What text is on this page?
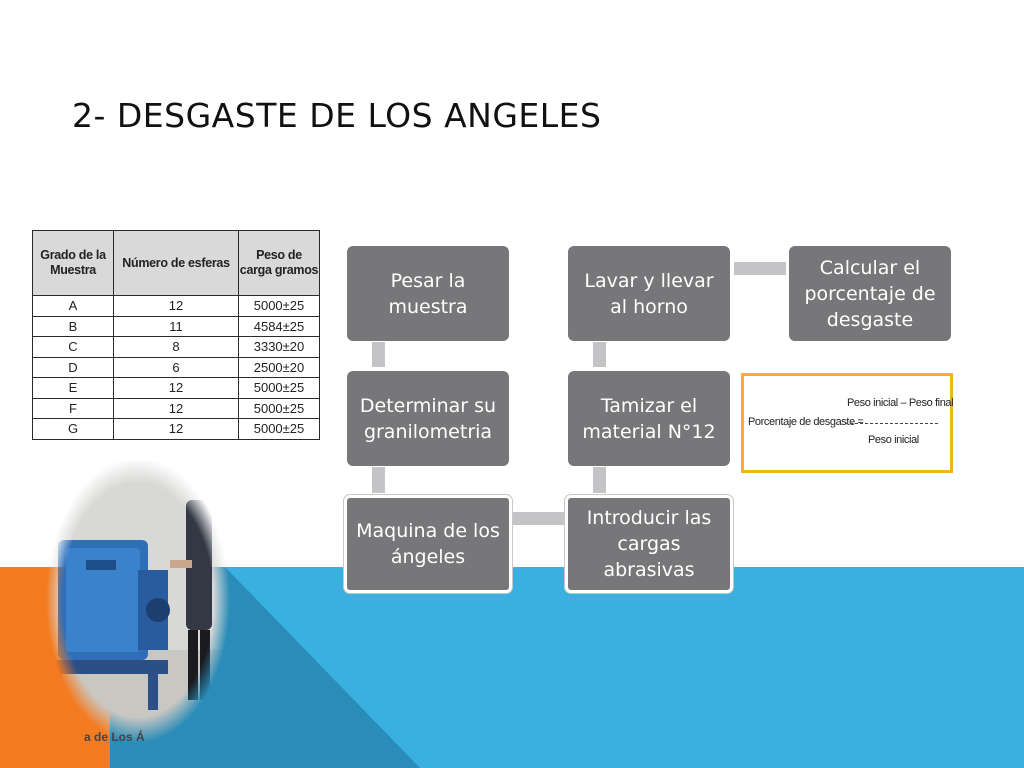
2- DESGASTE DE LOS ANGELES
Grado de la Muestra	Número de esferas	Peso de carga gramos
A	12	5000±25
B	11	4584±25
C	8	3330±20
D	6	2500±20
E	12	5000±25
F	12	5000±25
G	12	5000±25
Pesar la muestra
Determinar su granilometria
Maquina de los ángeles
Introducir las cargas abrasivas
Tamizar el material N°12
Lavar y llevar al horno
Calcular el porcentaje de desgaste
Peso inicial – Peso final
Porcentaje de desgaste =
Peso inicial
a de Los Á
